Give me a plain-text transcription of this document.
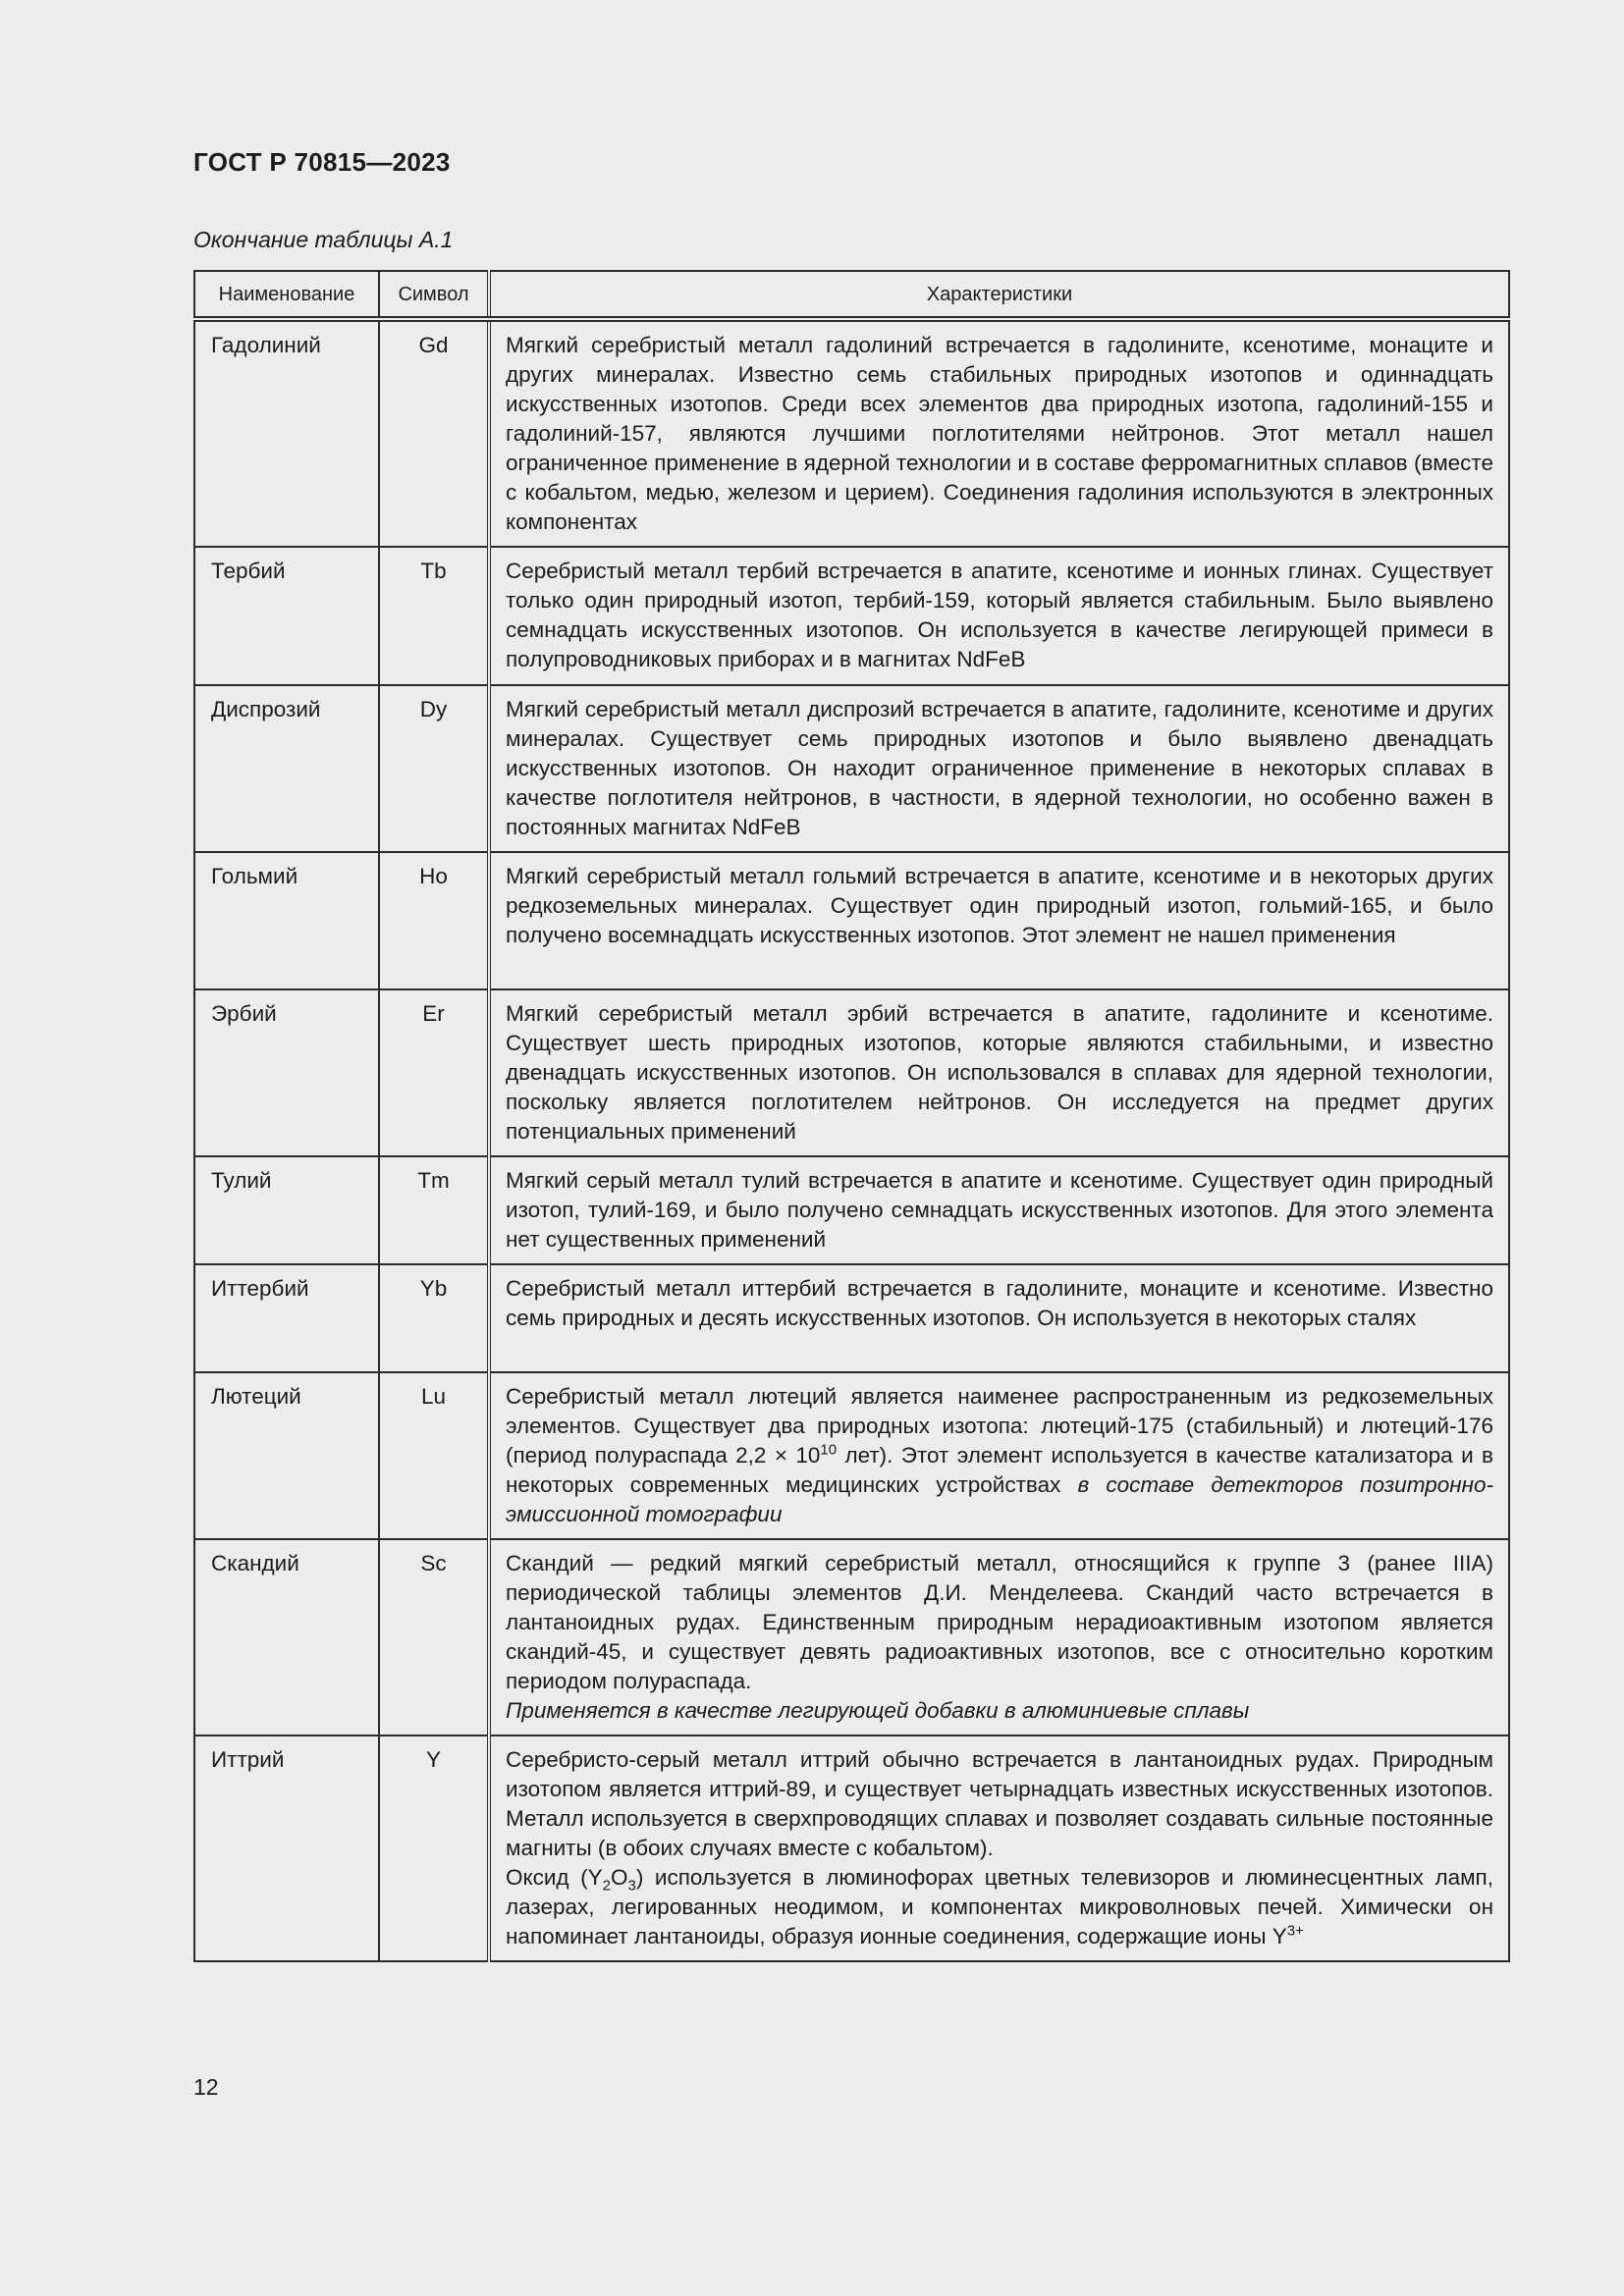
ГОСТ Р 70815—2023
Окончание таблицы А.1
Наименование	Символ	Характеристики
Гадолиний	Gd	Мягкий серебристый металл гадолиний встречается в гадолините, ксенотиме, монаците и других минералах. Известно семь стабильных природных изотопов и одиннадцать искусственных изотопов. Среди всех элементов два природных изотопа, гадолиний-155 и гадолиний-157, являются лучшими поглотителями нейтронов. Этот металл нашел ограниченное применение в ядерной технологии и в составе ферромагнитных сплавов (вместе с кобальтом, медью, железом и церием). Соединения гадолиния используются в электронных компонентах

Тербий	Tb	Серебристый металл тербий встречается в апатите, ксенотиме и ионных глинах. Существует только один природный изотоп, тербий-159, который является стабильным. Было выявлено семнадцать искусственных изотопов. Он используется в качестве легирующей примеси в полупроводниковых приборах и в магнитах NdFeB

Диспрозий	Dy	Мягкий серебристый металл диспрозий встречается в апатите, гадолините, ксенотиме и других минералах. Существует семь природных изотопов и было выявлено двенадцать искусственных изотопов. Он находит ограниченное применение в некоторых сплавах в качестве поглотителя нейтронов, в частности, в ядерной технологии, но особенно важен в постоянных магнитах NdFeB

Гольмий	Ho	Мягкий серебристый металл гольмий встречается в апатите, ксенотиме и в некоторых других редкоземельных минералах. Существует один природный изотоп, гольмий-165, и было получено восемнадцать искусственных изотопов. Этот элемент не нашел применения

Эрбий	Er	Мягкий серебристый металл эрбий встречается в апатите, гадолините и ксенотиме. Существует шесть природных изотопов, которые являются стабильными, и известно двенадцать искусственных изотопов. Он использовался в сплавах для ядерной технологии, поскольку является поглотителем нейтронов. Он исследуется на предмет других потенциальных применений

Тулий	Tm	Мягкий серый металл тулий встречается в апатите и ксенотиме. Существует один природный изотоп, тулий-169, и было получено семнадцать искусственных изотопов. Для этого элемента нет существенных применений

Иттербий	Yb	Серебристый металл иттербий встречается в гадолините, монаците и ксенотиме. Известно семь природных и десять искусственных изотопов. Он используется в некоторых сталях

Лютеций	Lu	Серебристый металл лютеций является наименее распространенным из редкоземельных элементов. Существует два природных изотопа: лютеций-175 (стабильный) и лютеций-176 (период полураспада $2,2 \times 10^{10}$ лет). Этот элемент используется в качестве катализатора и в некоторых современных медицинских устройствах в составе детекторов позитронно-эмиссионной томографии

Скандий	Sc	Скандий — редкий мягкий серебристый металл, относящийся к группе 3 (ранее IIIA) периодической таблицы элементов Д.И. Менделеева. Скандий часто встречается в лантаноидных рудах. Единственным природным нерадиоактивным изотопом является скандий-45, и существует девять радиоактивных изотопов, все с относительно коротким периодом полураспада.

Применяется в качестве легирующей добавки в алюминиевые сплавы

Иттрий	Y	Серебристо-серый металл иттрий обычно встречается в лантаноидных рудах. Природным изотопом является иттрий-89, и существует четырнадцать известных искусственных изотопов. Металл используется в сверхпроводящих сплавах и позволяет создавать сильные постоянные магниты (в обоих случаях вместе с кобальтом).

Оксид $(Y_2O_3)$ используется в люминофорах цветных телевизоров и люминесцентных ламп, лазерах, легированных неодимом, и компонентах микроволновых печей. Химически он напоминает лантаноиды, образуя ионные соединения, содержащие ионы $Y^{3+}$

12
